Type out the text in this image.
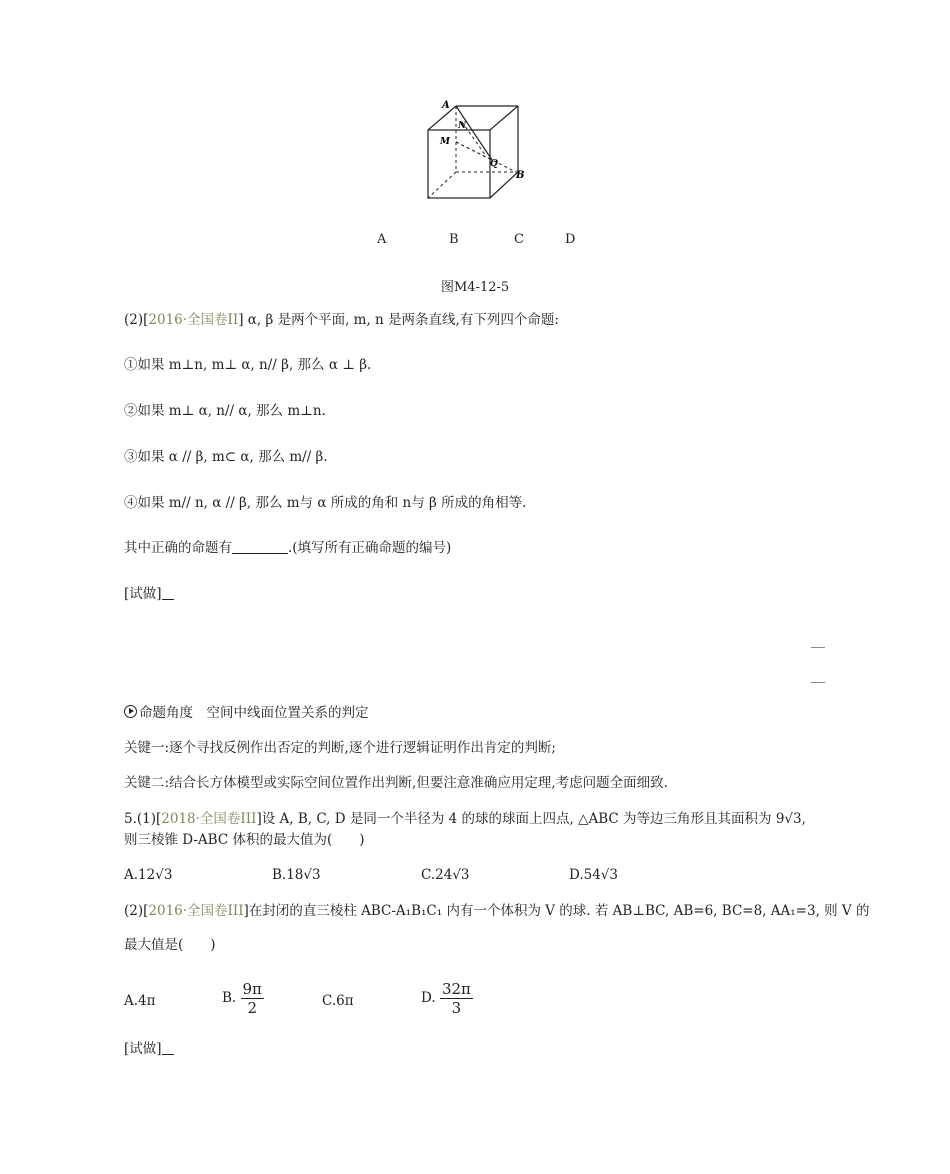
A
N
M
Q
B
A	B	C	D
图M4-12-5
(2)[2016·全国卷II] α, β 是两个平面, m, n 是两条直线,有下列四个命题:
①如果 m⊥n, m⊥ α, n// β, 那么 α ⊥ β.
②如果 m⊥ α, n// α, 那么 m⊥n.
③如果 α // β, m⊂ α, 那么 m// β.
④如果 m// n, α // β, 那么 m与 α 所成的角和 n与 β 所成的角相等.
其中正确的命题有	.(填写所有正确命题的编号)
[试做]
命题角度　空间中线面位置关系的判定
关键一:逐个寻找反例作出否定的判断,逐个进行逻辑证明作出肯定的判断;
关键二:结合长方体模型或实际空间位置作出判断,但要注意准确应用定理,考虑问题全面细致.
5.(1)[2018·全国卷III]设 A, B, C, D 是同一个半径为 4 的球的球面上四点, △ABC 为等边三角形且其面积为 9√3,
则三棱锥 D-ABC 体积的最大值为(　　)
A.12√3	B.18√3	C.24√3	D.54√3
(2)[2016·全国卷III]在封闭的直三棱柱 ABC-A₁B₁C₁ 内有一个体积为 V 的球. 若 AB⊥BC, AB=6, BC=8, AA₁=3, 则 V 的
最大值是(　　)
A.4π	B. $\frac{9\pi}{2}$	C.6π	D. $\frac{32\pi}{3}$
[试做]
